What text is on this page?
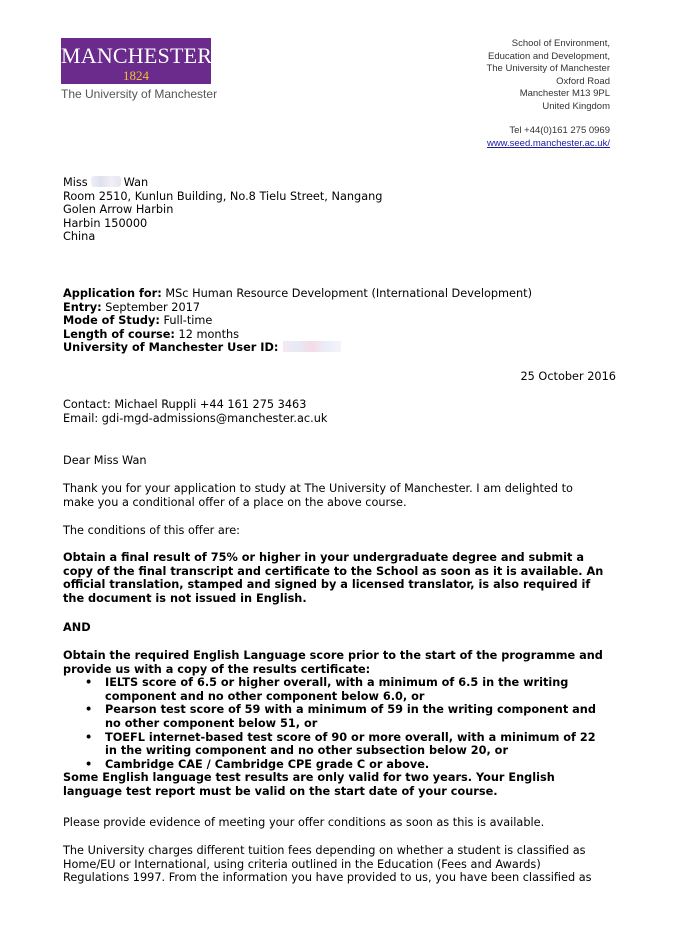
MANCHESTER
1824
The University of Manchester
School of Environment,
Education and Development,
The University of Manchester
Oxford Road
Manchester M13 9PL
United Kingdom
Tel +44(0)161 275 0969
www.seed.manchester.ac.uk/
Miss	Wan
Room 2510, Kunlun Building, No.8 Tielu Street, Nangang
Golen Arrow Harbin
Harbin 150000
China
Application for: MSc Human Resource Development (International Development)
Entry: September 2017
Mode of Study: Full-time
Length of course: 12 months
University of Manchester User ID:
25 October 2016
Contact: Michael Ruppli +44 161 275 3463
Email: gdi-mgd-admissions@manchester.ac.uk
Dear Miss Wan
Thank you for your application to study at The University of Manchester. I am delighted to
make you a conditional offer of a place on the above course.
The conditions of this offer are:
Obtain a final result of 75% or higher in your undergraduate degree and submit a
copy of the final transcript and certificate to the School as soon as it is available. An
official translation, stamped and signed by a licensed translator, is also required if
the document is not issued in English.
AND
Obtain the required English Language score prior to the start of the programme and
provide us with a copy of the results certificate:
• IELTS score of 6.5 or higher overall, with a minimum of 6.5 in the writing
component and no other component below 6.0, or
• Pearson test score of 59 with a minimum of 59 in the writing component and
no other component below 51, or
• TOEFL internet-based test score of 90 or more overall, with a minimum of 22
in the writing component and no other subsection below 20, or
• Cambridge CAE / Cambridge CPE grade C or above.
Some English language test results are only valid for two years. Your English
language test report must be valid on the start date of your course.
Please provide evidence of meeting your offer conditions as soon as this is available.
The University charges different tuition fees depending on whether a student is classified as
Home/EU or International, using criteria outlined in the Education (Fees and Awards)
Regulations 1997. From the information you have provided to us, you have been classified as
